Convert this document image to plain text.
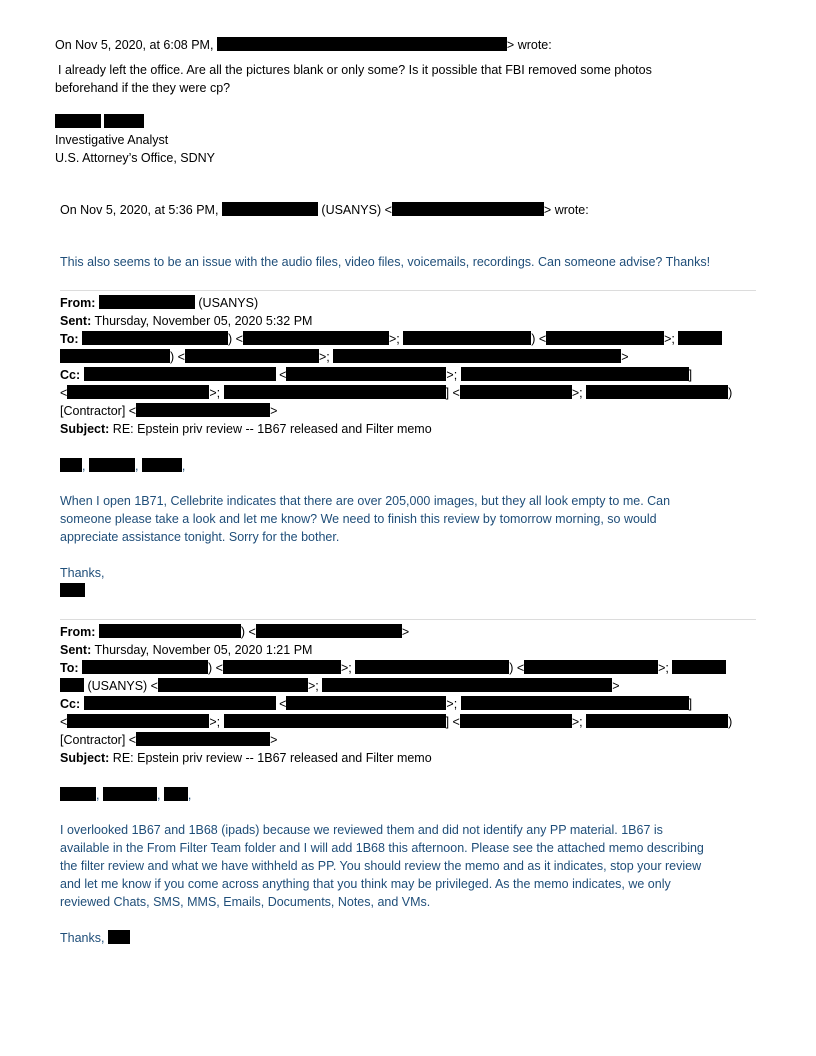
On Nov 5, 2020, at 6:08 PM,	> wrote:
I already left the office. Are all the pictures blank or only some? Is it possible that FBI removed some photos
beforehand if the they were cp?

Investigative Analyst
U.S. Attorney’s Office, SDNY
On Nov 5, 2020, at 5:36 PM,	(USANYS) <	> wrote:
This also seems to be an issue with the audio files, video files, voicemails, recordings. Can someone advise? Thanks!
From:	(USANYS)
Sent: Thursday, November 05, 2020 5:32 PM
To:	) <	>;	) <	>;
) <	>;	>
Cc:	<	>;	]
<	>;	] <	>;	)
[Contractor] <	>
Subject: RE: Epstein priv review -- 1B67 released and Filter memo
,	,	,
When I open 1B71, Cellebrite indicates that there are over 205,000 images, but they all look empty to me. Can
someone please take a look and let me know? We need to finish this review by tomorrow morning, so would
appreciate assistance tonight. Sorry for the bother.
Thanks,
From:	) <	>
Sent: Thursday, November 05, 2020 1:21 PM
To:	) <	>;	) <	>;
(USANYS) <	>;	>
Cc:	<	>;	]
<	>;	] <	>;	)
[Contractor] <	>
Subject: RE: Epstein priv review -- 1B67 released and Filter memo
,	, ,
I overlooked 1B67 and 1B68 (ipads) because we reviewed them and did not identify any PP material. 1B67 is
available in the From Filter Team folder and I will add 1B68 this afternoon. Please see the attached memo describing
the filter review and what we have withheld as PP. You should review the memo and as it indicates, stop your review
and let me know if you come across anything that you think may be privileged. As the memo indicates, we only
reviewed Chats, SMS, MMS, Emails, Documents, Notes, and VMs.
Thanks,
